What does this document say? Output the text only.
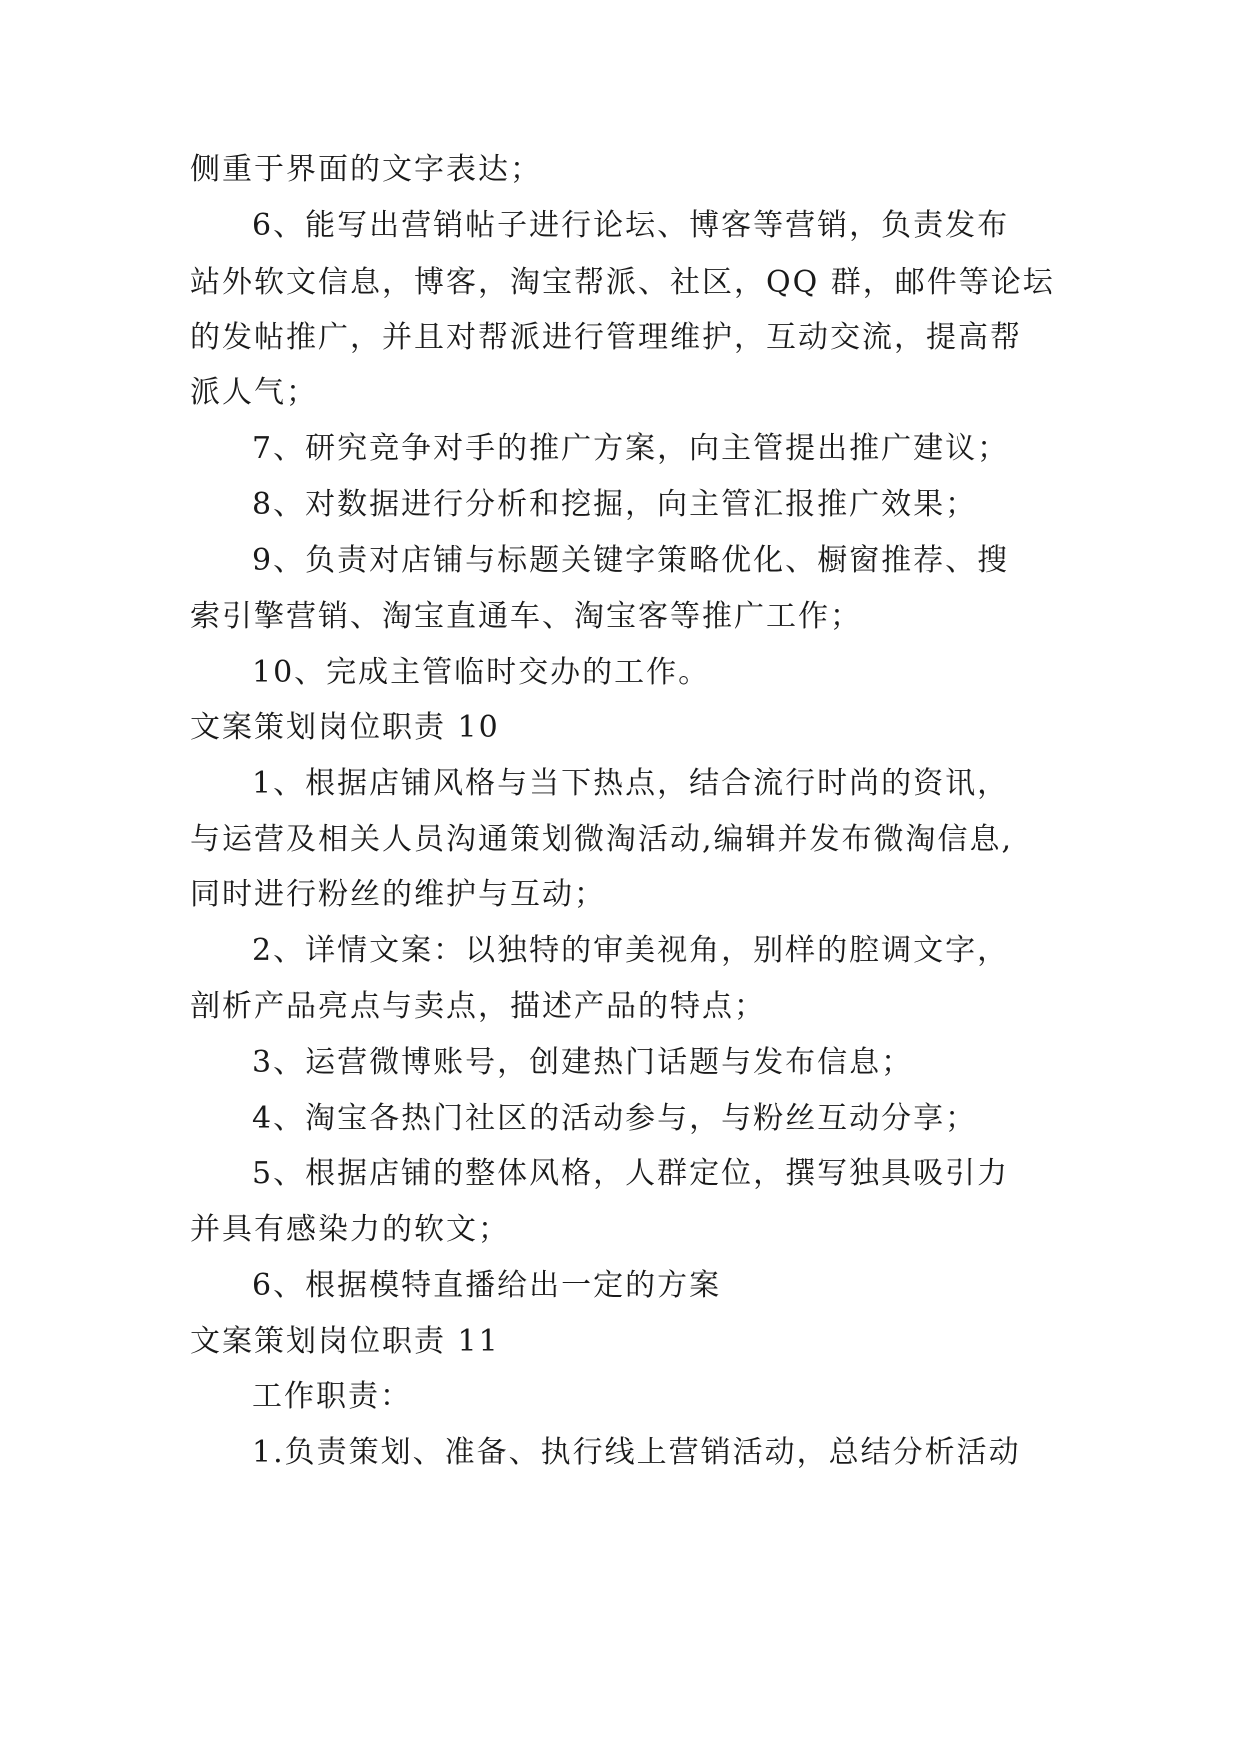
侧重于界面的文字表达；
6、能写出营销帖子进行论坛、博客等营销，负责发布
站外软文信息，博客，淘宝帮派、社区，QQ 群，邮件等论坛
的发帖推广，并且对帮派进行管理维护，互动交流，提高帮
派人气；
7、研究竞争对手的推广方案，向主管提出推广建议；
8、对数据进行分析和挖掘，向主管汇报推广效果；
9、负责对店铺与标题关键字策略优化、橱窗推荐、搜
索引擎营销、淘宝直通车、淘宝客等推广工作；
10、完成主管临时交办的工作。
文案策划岗位职责 10
1、根据店铺风格与当下热点，结合流行时尚的资讯，
与运营及相关人员沟通策划微淘活动,编辑并发布微淘信息,
同时进行粉丝的维护与互动；
2、详情文案：以独特的审美视角，别样的腔调文字，
剖析产品亮点与卖点，描述产品的特点；
3、运营微博账号，创建热门话题与发布信息；
4、淘宝各热门社区的活动参与，与粉丝互动分享；
5、根据店铺的整体风格，人群定位，撰写独具吸引力
并具有感染力的软文；
6、根据模特直播给出一定的方案
文案策划岗位职责 11
工作职责：
1.负责策划、准备、执行线上营销活动，总结分析活动
